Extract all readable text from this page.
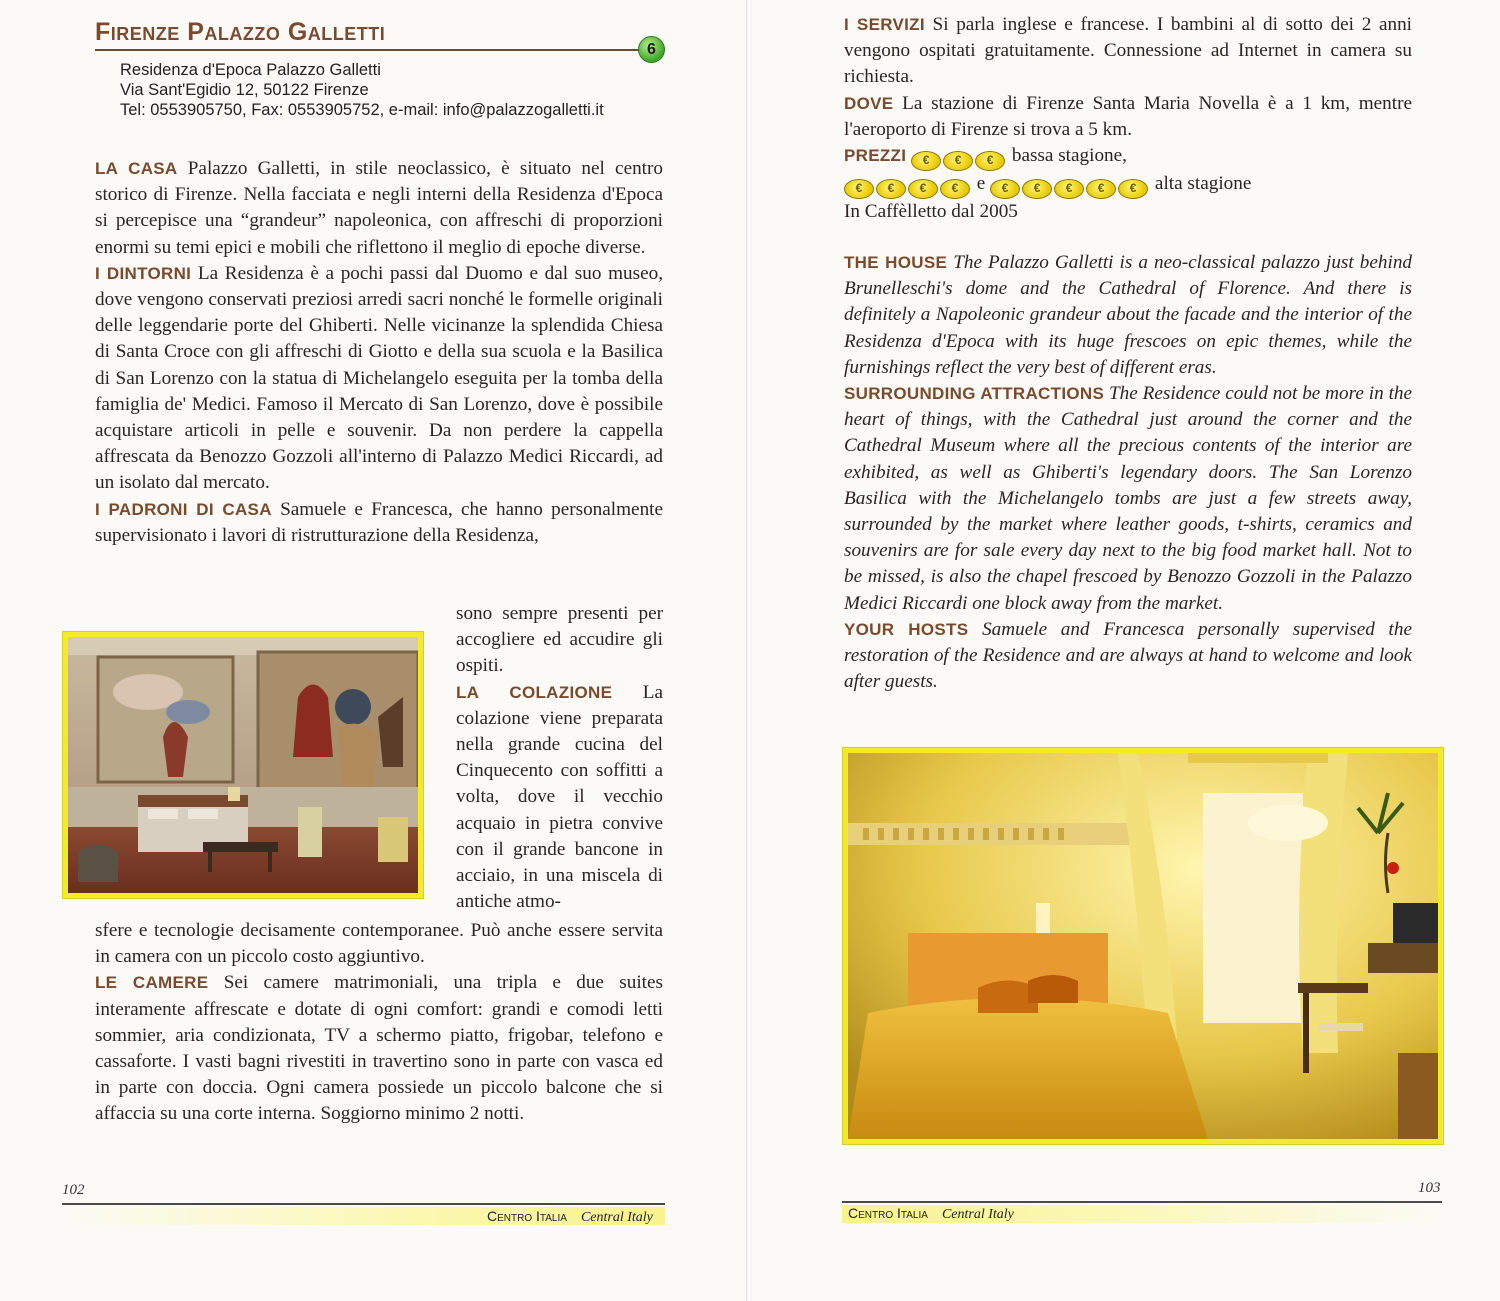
Firenze Palazzo Galletti
6
Residenza d'Epoca Palazzo Galletti
Via Sant'Egidio 12, 50122 Firenze
Tel: 0553905750, Fax: 0553905752, e-mail: info@palazzogalletti.it

LA CASA Palazzo Galletti, in stile neoclassico, è situato nel centro storico di Firenze. Nella facciata e negli interni della Residenza d'Epoca si percepisce una “grandeur” napoleonica, con affreschi di proporzioni enormi su temi epici e mobili che riflettono il meglio di epoche diverse.

I DINTORNI La Residenza è a pochi passi dal Duomo e dal suo museo, dove vengono conservati preziosi arredi sacri nonché le formelle originali delle leggendarie porte del Ghiberti. Nelle vicinanze la splendida Chiesa di Santa Croce con gli affreschi di Giotto e della sua scuola e la Basilica di San Lorenzo con la statua di Michelangelo eseguita per la tomba della famiglia de' Medici. Famoso il Mercato di San Lorenzo, dove è possibile acquistare articoli in pelle e souvenir. Da non perdere la cappella affrescata da Benozzo Gozzoli all'interno di Palazzo Medici Riccardi, ad un isolato dal mercato.

I PADRONI DI CASA Samuele e Francesca, che hanno personalmente supervisionato i lavori di ristrutturazione della Residenza,

sono sempre presenti per accogliere ed accudire gli ospiti.

LA COLAZIONE La colazione viene preparata nella grande cucina del Cinquecento con soffitti a volta, dove il vecchio acquaio in pietra convive con il grande bancone in acciaio, in una miscela di antiche atmo-

sfere e tecnologie decisamente contemporanee. Può anche essere servita in camera con un piccolo costo aggiuntivo.

LE CAMERE Sei camere matrimoniali, una tripla e due suites interamente affrescate e dotate di ogni comfort: grandi e comodi letti sommier, aria condizionata, TV a schermo piatto, frigobar, telefono e cassaforte. I vasti bagni rivestiti in travertino sono in parte con vasca ed in parte con doccia. Ogni camera possiede un piccolo balcone che si affaccia su una corte interna. Soggiorno minimo 2 notti.

102
Centro Italia Central Italy

I SERVIZI Si parla inglese e francese. I bambini al di sotto dei 2 anni vengono ospitati gratuitamente. Connessione ad Internet in camera su richiesta.

DOVE La stazione di Firenze Santa Maria Novella è a 1 km, mentre l'aeroporto di Firenze si trova a 5 km.

PREZZI € € € bassa stagione,

€ € € € e € € € € € alta stagione

In Caffèlletto dal 2005

THE HOUSE The Palazzo Galletti is a neo-classical palazzo just behind Brunelleschi's dome and the Cathedral of Florence. And there is definitely a Napoleonic grandeur about the facade and the interior of the Residenza d'Epoca with its huge frescoes on epic themes, while the furnishings reflect the very best of different eras.

SURROUNDING ATTRACTIONS The Residence could not be more in the heart of things, with the Cathedral just around the corner and the Cathedral Museum where all the precious contents of the interior are exhibited, as well as Ghiberti's legendary doors. The San Lorenzo Basilica with the Michelangelo tombs are just a few streets away, surrounded by the market where leather goods, t-shirts, ceramics and souvenirs are for sale every day next to the big food market hall. Not to be missed, is also the chapel frescoed by Benozzo Gozzoli in the Palazzo Medici Riccardi one block away from the market.

YOUR HOSTS Samuele and Francesca personally supervised the restoration of the Residence and are always at hand to welcome and look after guests.

103
Centro Italia Central Italy
